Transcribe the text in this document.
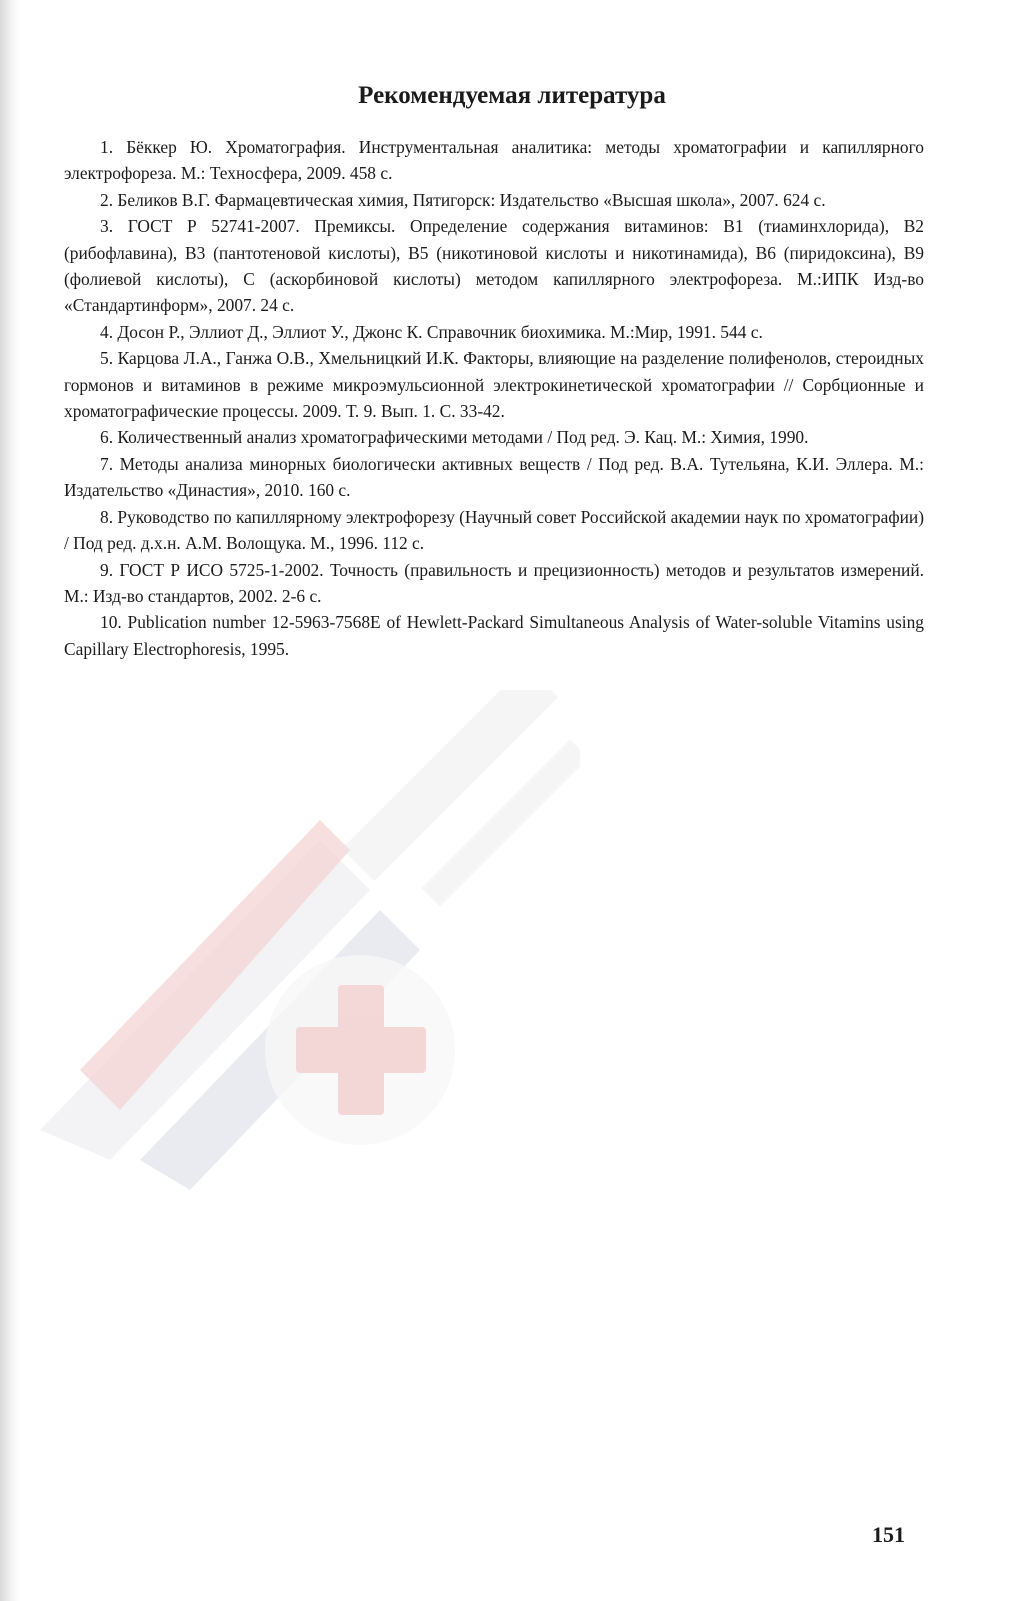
Рекомендуемая литература
1. Бёккер Ю. Хроматография. Инструментальная аналитика: методы хроматографии и капиллярного электрофореза. М.: Техносфера, 2009. 458 с.
2. Беликов В.Г. Фармацевтическая химия, Пятигорск: Издательство «Высшая школа», 2007. 624 с.
3. ГОСТ Р 52741-2007. Премиксы. Определение содержания витаминов: В1 (тиаминхлорида), В2 (рибофлавина), В3 (пантотеновой кислоты), В5 (никотиновой кислоты и никотинамида), В6 (пиридоксина), В9 (фолиевой кислоты), С (аскорбиновой кислоты) методом капиллярного электрофореза. М.:ИПК Изд-во «Стандартинформ», 2007. 24 с.
4. Досон Р., Эллиот Д., Эллиот У., Джонс К. Справочник биохимика. М.:Мир, 1991. 544 с.
5. Карцова Л.А., Ганжа О.В., Хмельницкий И.К. Факторы, влияющие на разделение полифенолов, стероидных гормонов и витаминов в режиме микроэмульсионной электрокинетической хроматографии // Сорбционные и хроматографические процессы. 2009. Т. 9. Вып. 1. С. 33-42.
6. Количественный анализ хроматографическими методами / Под ред. Э. Кац. М.: Химия, 1990.
7. Методы анализа минорных биологически активных веществ / Под ред. В.А. Тутельяна, К.И. Эллера. М.: Издательство «Династия», 2010. 160 с.
8. Руководство по капиллярному электрофорезу (Научный совет Российской академии наук по хроматографии) / Под ред. д.х.н. А.М. Волощука. М., 1996. 112 с.
9. ГОСТ Р ИСО 5725-1-2002. Точность (правильность и прецизионность) методов и результатов измерений. М.: Изд-во стандартов, 2002. 2-6 с.
10. Publication number 12-5963-7568E of Hewlett-Packard Simultaneous Analysis of Water-soluble Vitamins using Capillary Electrophoresis, 1995.
151
